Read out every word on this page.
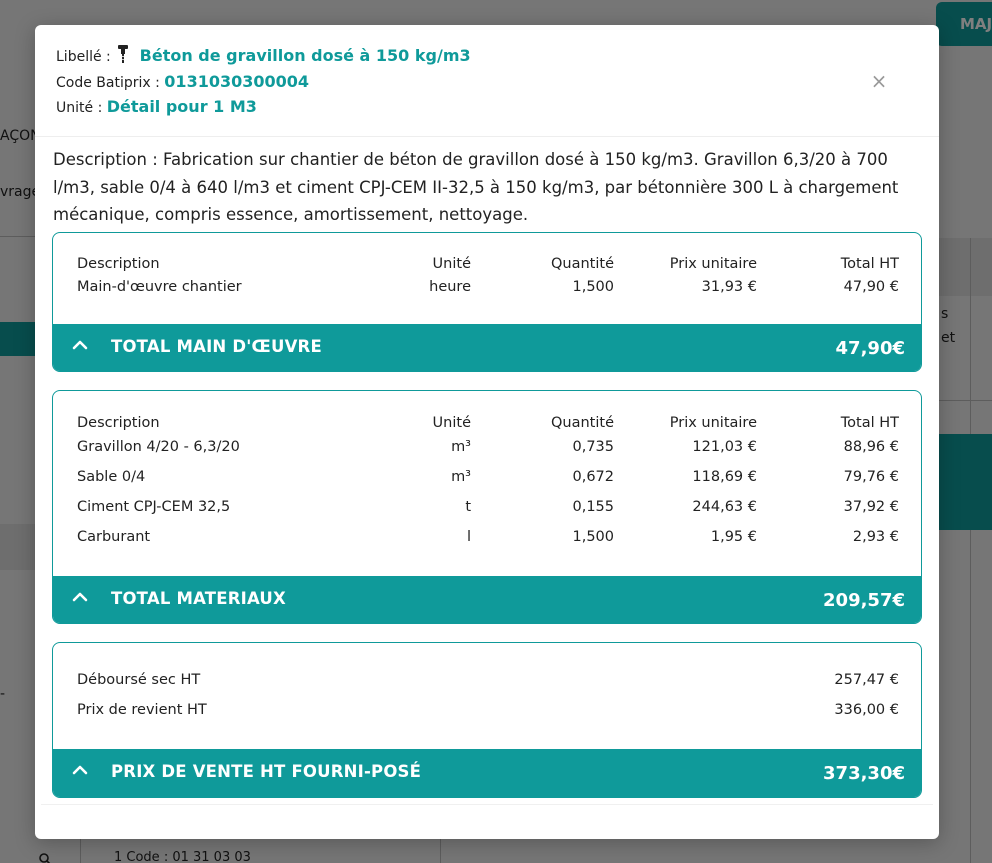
Libellé : Béton de gravillon dosé à 150 kg/m3
Code Batiprix : 0131030300004
Unité : Détail pour 1 M3
×
Description : Fabrication sur chantier de béton de gravillon dosé à 150 kg/m3. Gravillon 6,3/20 à 700 l/m3, sable 0/4 à 640 l/m3 et ciment CPJ-CEM II-32,5 à 150 kg/m3, par bétonnière 300 L à chargement mécanique, compris essence, amortissement, nettoyage.
Description	Unité	Quantité	Prix unitaire	Total HT
Main-d'œuvre chantier	heure	1,500	31,93 €	47,90 €
TOTAL MAIN D'ŒUVRE	47,90€
Description	Unité	Quantité	Prix unitaire	Total HT
Gravillon 4/20 - 6,3/20	m³	0,735	121,03 €	88,96 €
Sable 0/4	m³	0,672	118,69 €	79,76 €
Ciment CPJ-CEM 32,5	t	0,155	244,63 €	37,92 €
Carburant	l	1,500	1,95 €	2,93 €
TOTAL MATERIAUX	209,57€
Déboursé sec HT	257,47 €
Prix de revient HT	336,00 €
PRIX DE VENTE HT FOURNI-POSÉ	373,30€
